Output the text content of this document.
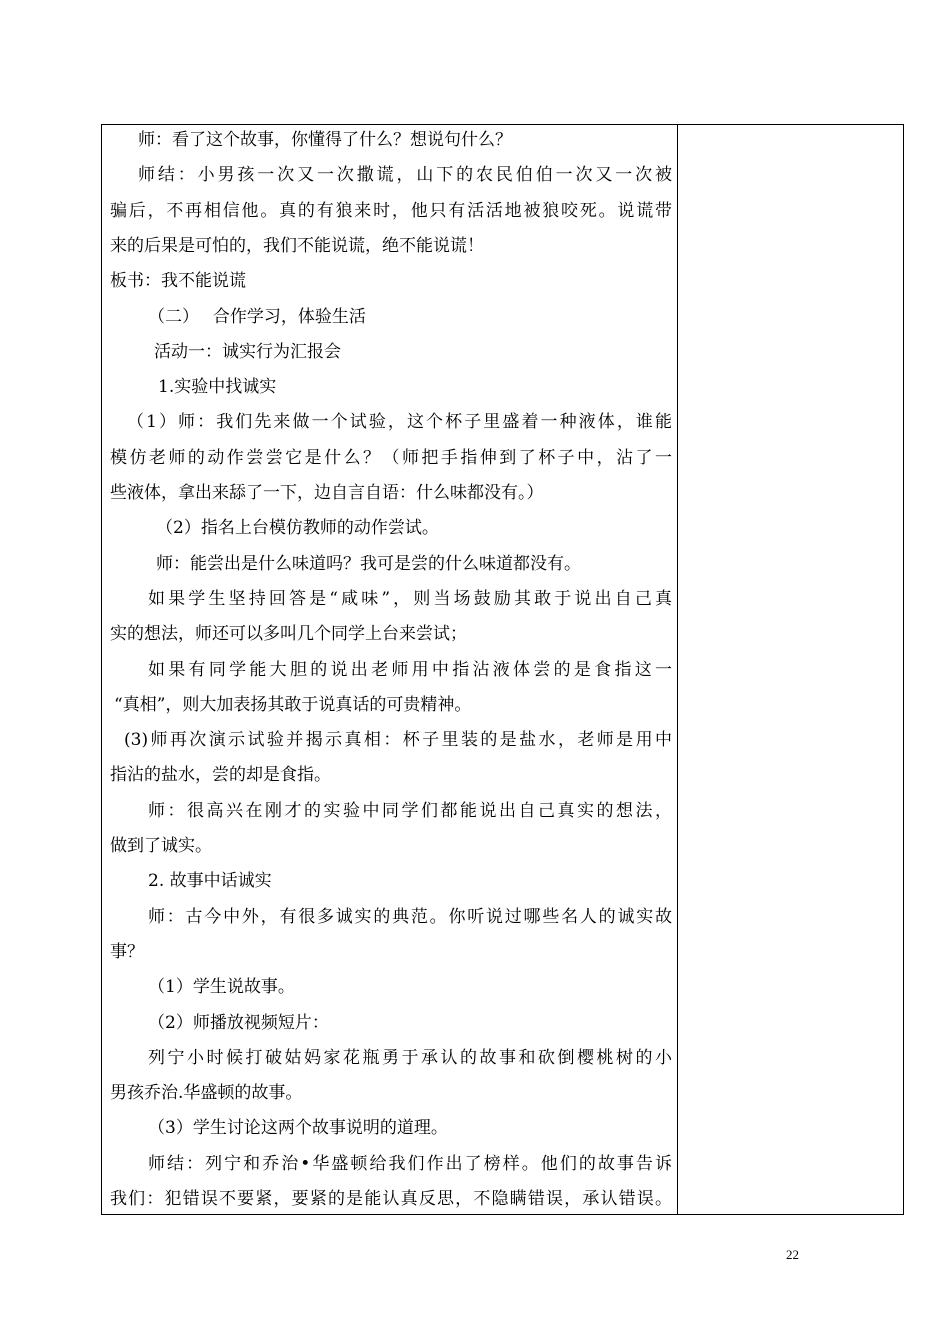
师：看了这个故事，你懂得了什么？想说句什么？
师结：小男孩一次又一次撒谎，山下的农民伯伯一次又一次被
骗后，不再相信他。真的有狼来时，他只有活活地被狼咬死。说谎带
来的后果是可怕的，我们不能说谎，绝不能说谎！
板书：我不能说谎
（二）　 合作学习，体验生活
活动一：诚实行为汇报会
1.实验中找诚实
（1）师：我们先来做一个试验，这个杯子里盛着一种液体，谁能
模仿老师的动作尝尝它是什么？（师把手指伸到了杯子中，沾了一
些液体，拿出来舔了一下，边自言自语：什么味都没有。）
（2）指名上台模仿教师的动作尝试。
师：能尝出是什么味道吗？我可是尝的什么味道都没有。
如果学生坚持回答是“咸味”，则当场鼓励其敢于说出自己真
实的想法，师还可以多叫几个同学上台来尝试；
如果有同学能大胆的说出老师用中指沾液体尝的是食指这一
“真相”，则大加表扬其敢于说真话的可贵精神。
(3)师再次演示试验并揭示真相：杯子里装的是盐水，老师是用中
指沾的盐水，尝的却是食指。
师：很高兴在刚才的实验中同学们都能说出自己真实的想法，
做到了诚实。
2. 故事中话诚实
师：古今中外，有很多诚实的典范。你听说过哪些名人的诚实故
事？
（1）学生说故事。
（2）师播放视频短片：
列宁小时候打破姑妈家花瓶勇于承认的故事和砍倒樱桃树的小
男孩乔治.华盛顿的故事。
（3）学生讨论这两个故事说明的道理。
师结：列宁和乔治•华盛顿给我们作出了榜样。他们的故事告诉
我们：犯错误不要紧，要紧的是能认真反思，不隐瞒错误，承认错误。
22
